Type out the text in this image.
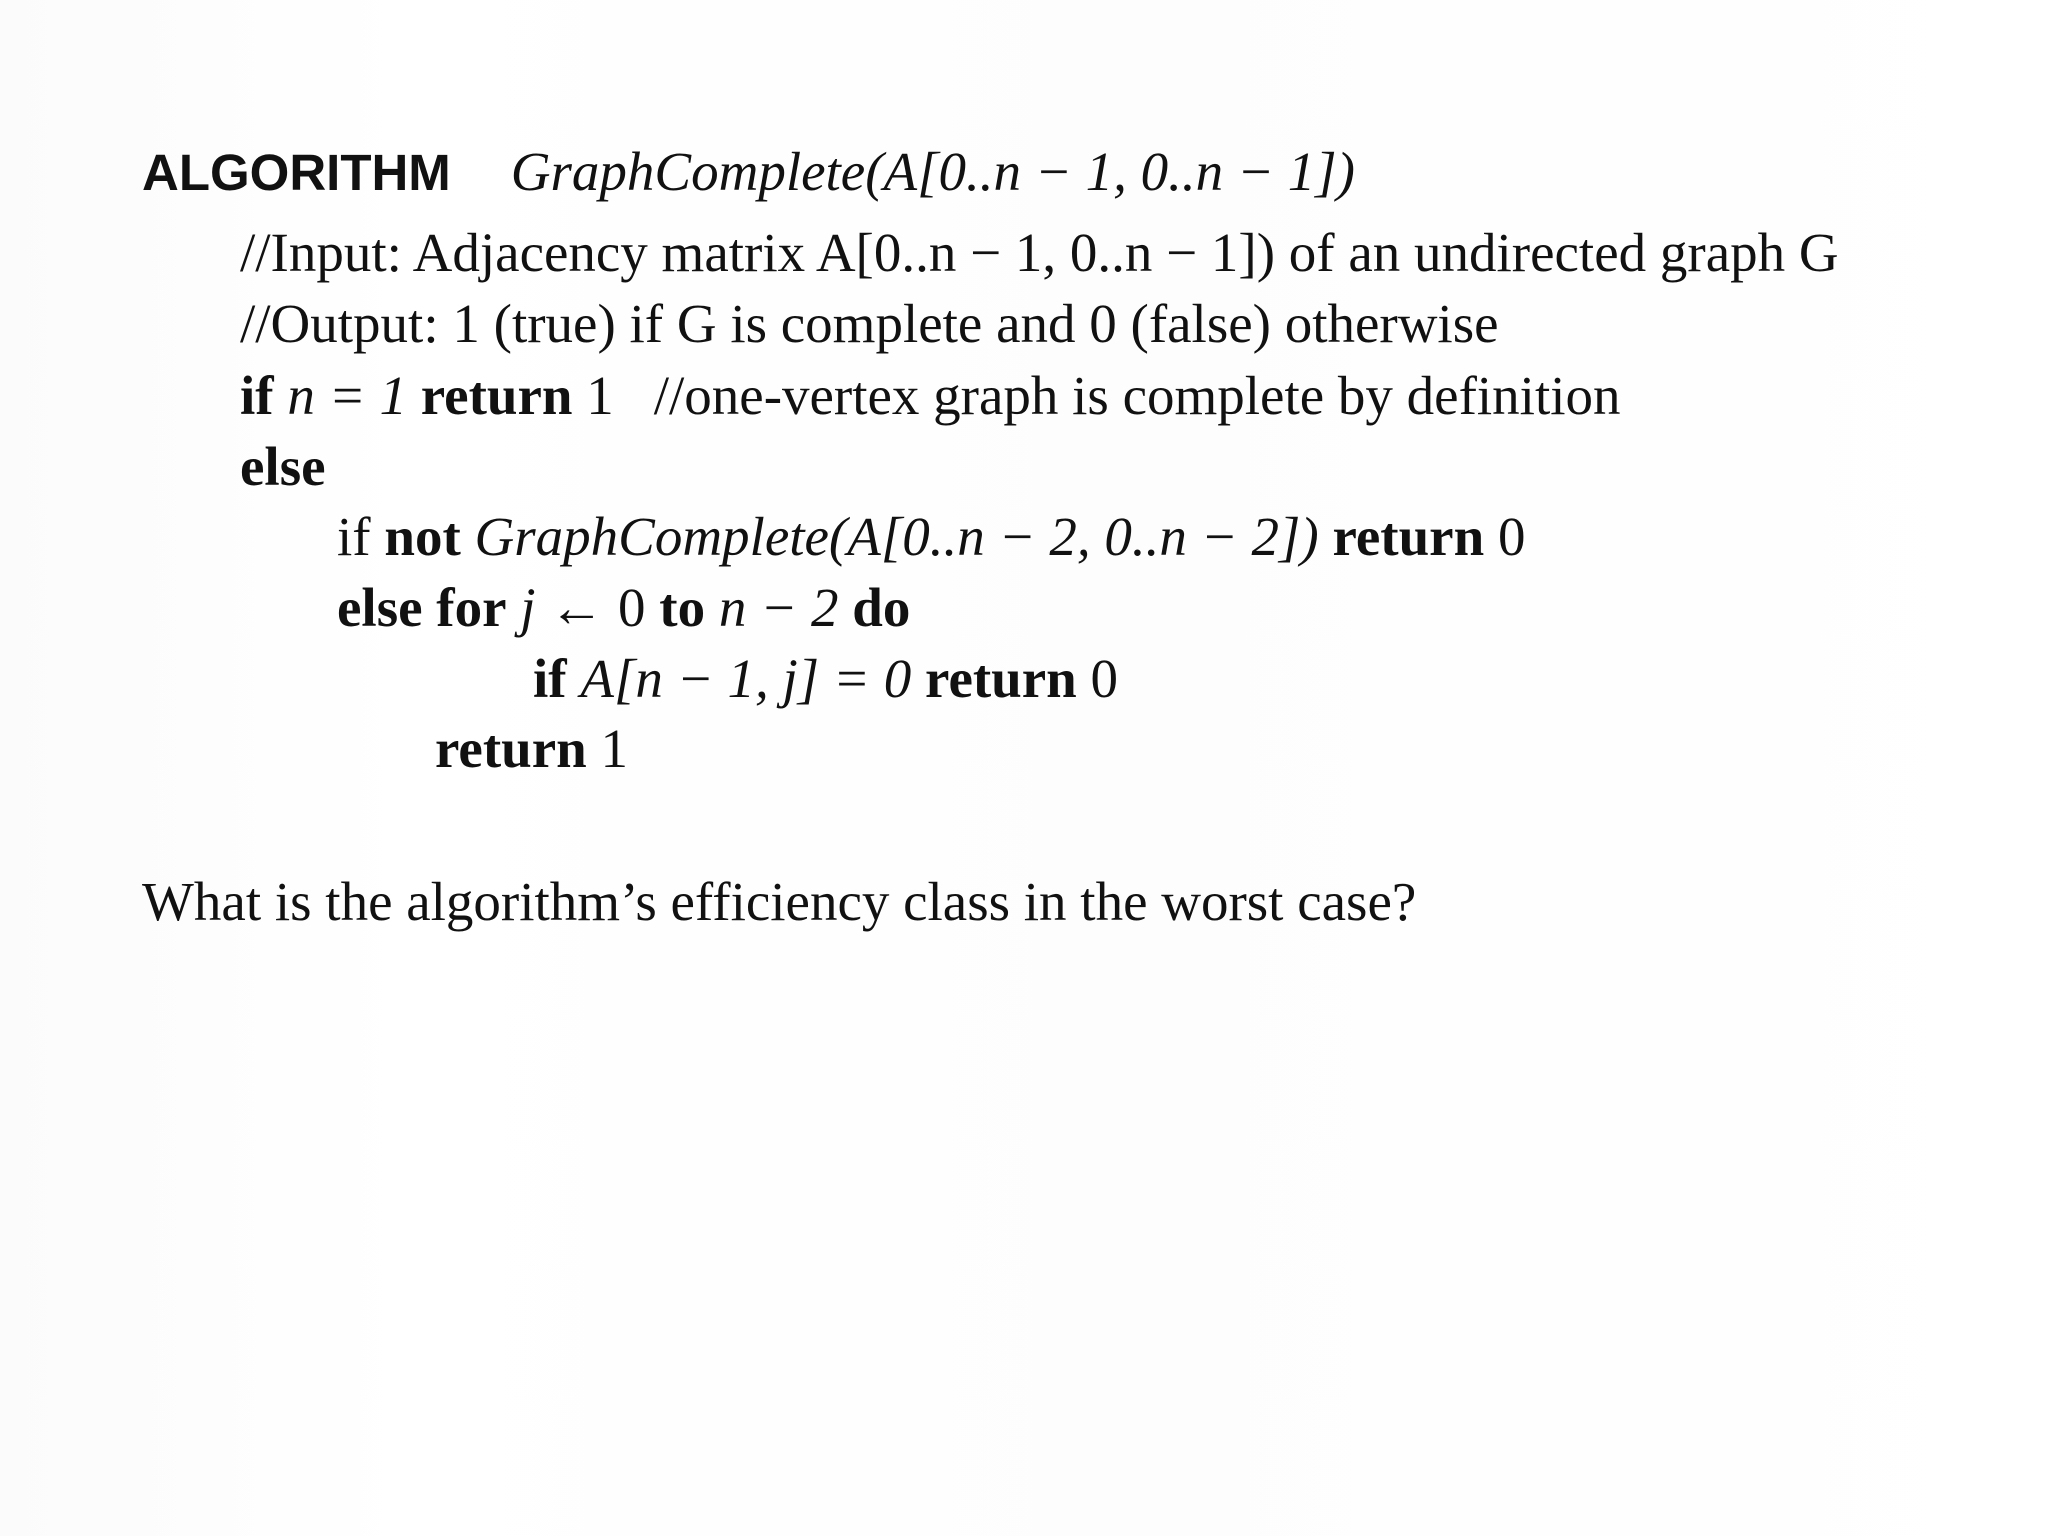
ALGORITHM GraphComplete(A[0..n − 1, 0..n − 1])
//Input: Adjacency matrix A[0..n − 1, 0..n − 1]) of an undirected graph G
//Output: 1 (true) if G is complete and 0 (false) otherwise
if n = 1 return 1 //one-vertex graph is complete by definition
else
if not GraphComplete(A[0..n − 2, 0..n − 2]) return 0
else for j ← 0 to n − 2 do
if A[n − 1, j] = 0 return 0
return 1
What is the algorithm’s efficiency class in the worst case?
